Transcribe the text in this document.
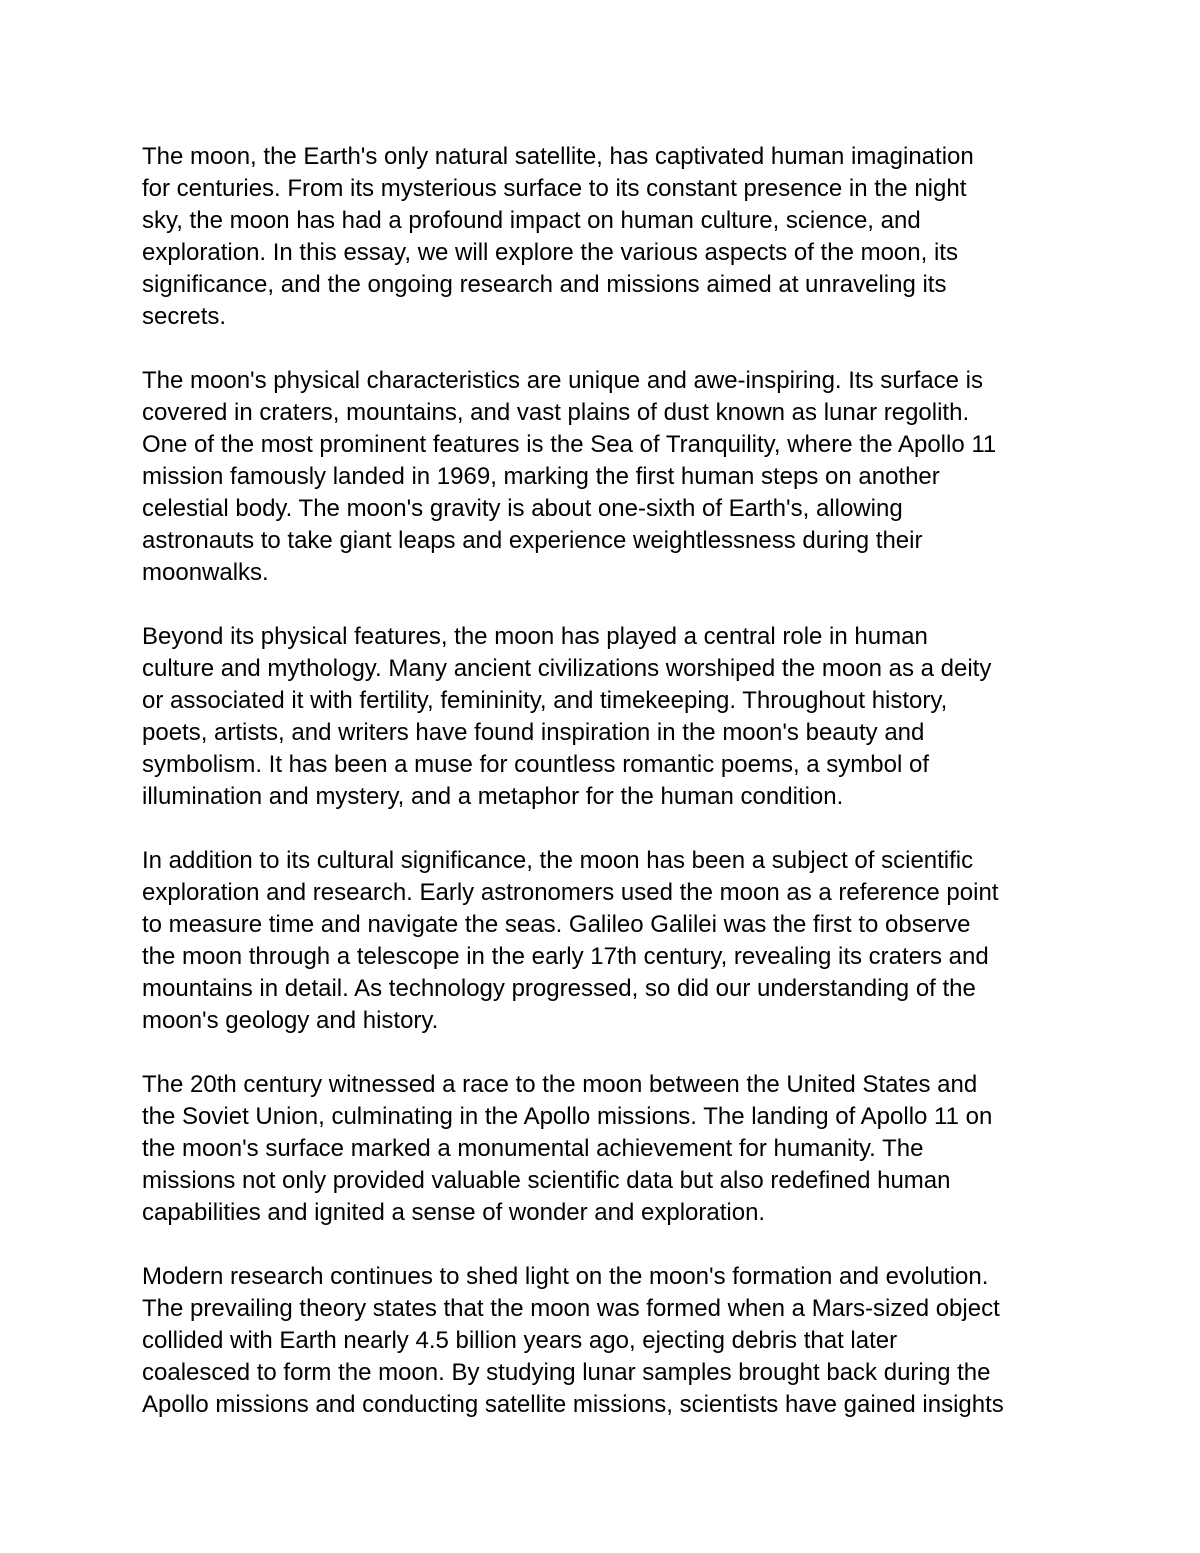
The moon, the Earth's only natural satellite, has captivated human imagination
for centuries. From its mysterious surface to its constant presence in the night
sky, the moon has had a profound impact on human culture, science, and
exploration. In this essay, we will explore the various aspects of the moon, its
significance, and the ongoing research and missions aimed at unraveling its
secrets.

The moon's physical characteristics are unique and awe-inspiring. Its surface is
covered in craters, mountains, and vast plains of dust known as lunar regolith.
One of the most prominent features is the Sea of Tranquility, where the Apollo 11
mission famously landed in 1969, marking the first human steps on another
celestial body. The moon's gravity is about one-sixth of Earth's, allowing
astronauts to take giant leaps and experience weightlessness during their
moonwalks.

Beyond its physical features, the moon has played a central role in human
culture and mythology. Many ancient civilizations worshiped the moon as a deity
or associated it with fertility, femininity, and timekeeping. Throughout history,
poets, artists, and writers have found inspiration in the moon's beauty and
symbolism. It has been a muse for countless romantic poems, a symbol of
illumination and mystery, and a metaphor for the human condition.

In addition to its cultural significance, the moon has been a subject of scientific
exploration and research. Early astronomers used the moon as a reference point
to measure time and navigate the seas. Galileo Galilei was the first to observe
the moon through a telescope in the early 17th century, revealing its craters and
mountains in detail. As technology progressed, so did our understanding of the
moon's geology and history.

The 20th century witnessed a race to the moon between the United States and
the Soviet Union, culminating in the Apollo missions. The landing of Apollo 11 on
the moon's surface marked a monumental achievement for humanity. The
missions not only provided valuable scientific data but also redefined human
capabilities and ignited a sense of wonder and exploration.

Modern research continues to shed light on the moon's formation and evolution.
The prevailing theory states that the moon was formed when a Mars-sized object
collided with Earth nearly 4.5 billion years ago, ejecting debris that later
coalesced to form the moon. By studying lunar samples brought back during the
Apollo missions and conducting satellite missions, scientists have gained insights
